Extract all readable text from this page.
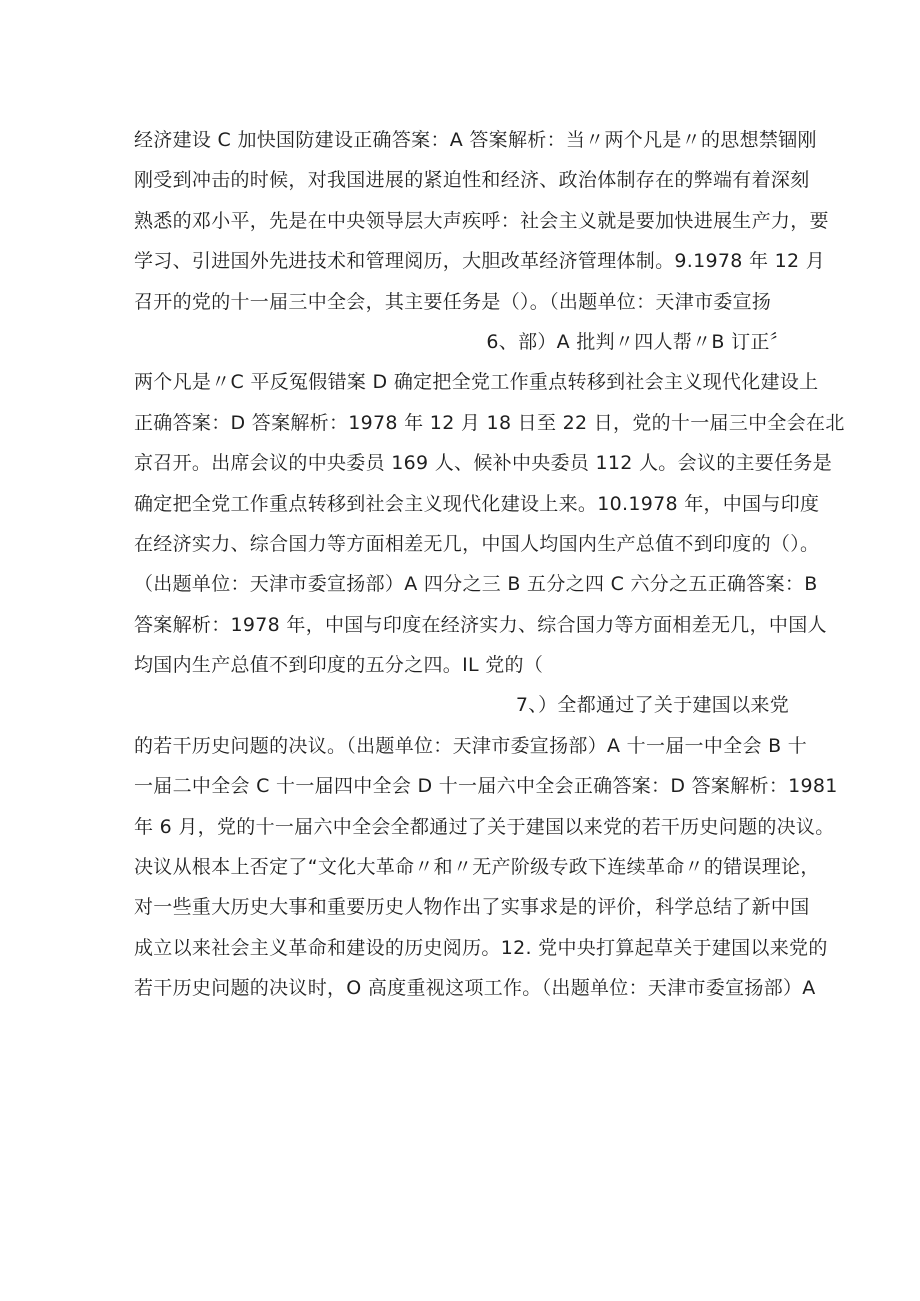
经济建设 C 加快国防建设正确答案：A 答案解析：当〃两个凡是〃的思想禁锢刚
刚受到冲击的时候，对我国进展的紧迫性和经济、政治体制存在的弊端有着深刻
熟悉的邓小平，先是在中央领导层大声疾呼：社会主义就是要加快进展生产力，要
学习、引进国外先进技术和管理阅历，大胆改革经济管理体制。9.1978 年 12 月
召开的党的十一届三中全会，其主要任务是（）。（出题单位：天津市委宣扬
6、部）A 批判〃四人帮〃B 订正〞
两个凡是〃C 平反冤假错案 D 确定把全党工作重点转移到社会主义现代化建设上
正确答案：D 答案解析：1978 年 12 月 18 日至 22 日，党的十一届三中全会在北
京召开。出席会议的中央委员 169 人、候补中央委员 112 人。会议的主要任务是
确定把全党工作重点转移到社会主义现代化建设上来。10.1978 年，中国与印度
在经济实力、综合国力等方面相差无几，中国人均国内生产总值不到印度的（）。
（出题单位：天津市委宣扬部）A 四分之三 B 五分之四 C 六分之五正确答案：B
答案解析：1978 年，中国与印度在经济实力、综合国力等方面相差无几，中国人
均国内生产总值不到印度的五分之四。IL 党的（
7、）全都通过了关于建国以来党
的若干历史问题的决议。（出题单位：天津市委宣扬部）A 十一届一中全会 B 十
一届二中全会 C 十一届四中全会 D 十一届六中全会正确答案：D 答案解析：1981
年 6 月，党的十一届六中全会全都通过了关于建国以来党的若干历史问题的决议。
决议从根本上否定了“文化大革命〃和〃无产阶级专政下连续革命〃的错误理论，
对一些重大历史大事和重要历史人物作出了实事求是的评价，科学总结了新中国
成立以来社会主义革命和建设的历史阅历。12. 党中央打算起草关于建国以来党的
若干历史问题的决议时，O 高度重视这项工作。（出题单位：天津市委宣扬部）A
